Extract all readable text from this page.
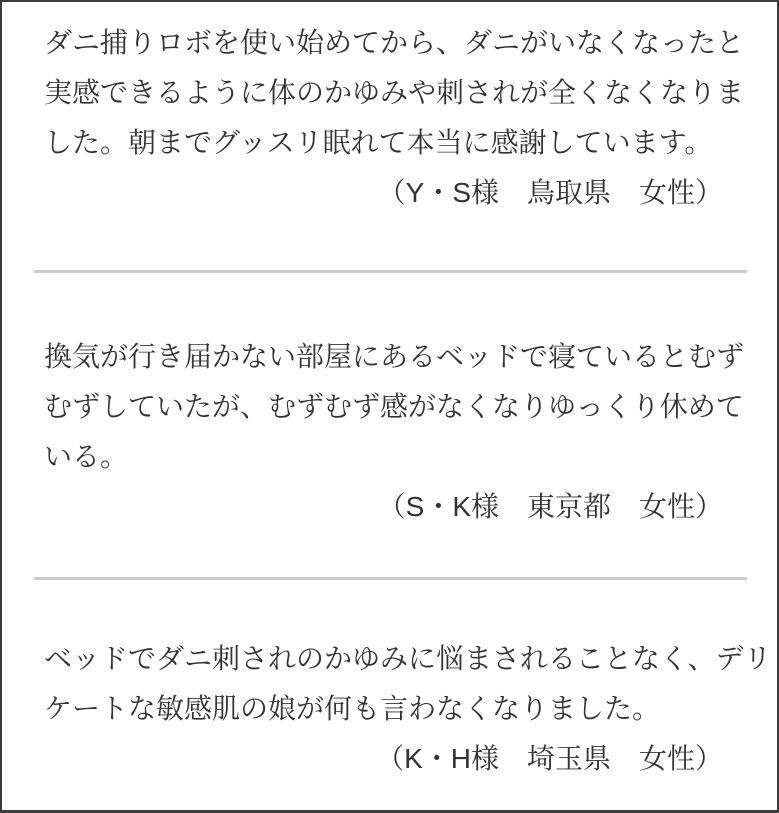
ダニ捕りロボを使い始めてから、ダニがいなくなったと
実感できるように体のかゆみや刺されが全くなくなりま
した。朝までグッスリ眠れて本当に感謝しています。

（Y・S様　鳥取県　女性）

換気が行き届かない部屋にあるベッドで寝ているとむず
むずしていたが、むずむず感がなくなりゆっくり休めて
いる。

（S・K様　東京都　女性）

ベッドでダニ刺されのかゆみに悩まされることなく、デリ
ケートな敏感肌の娘が何も言わなくなりました。

（K・H様　埼玉県　女性）
